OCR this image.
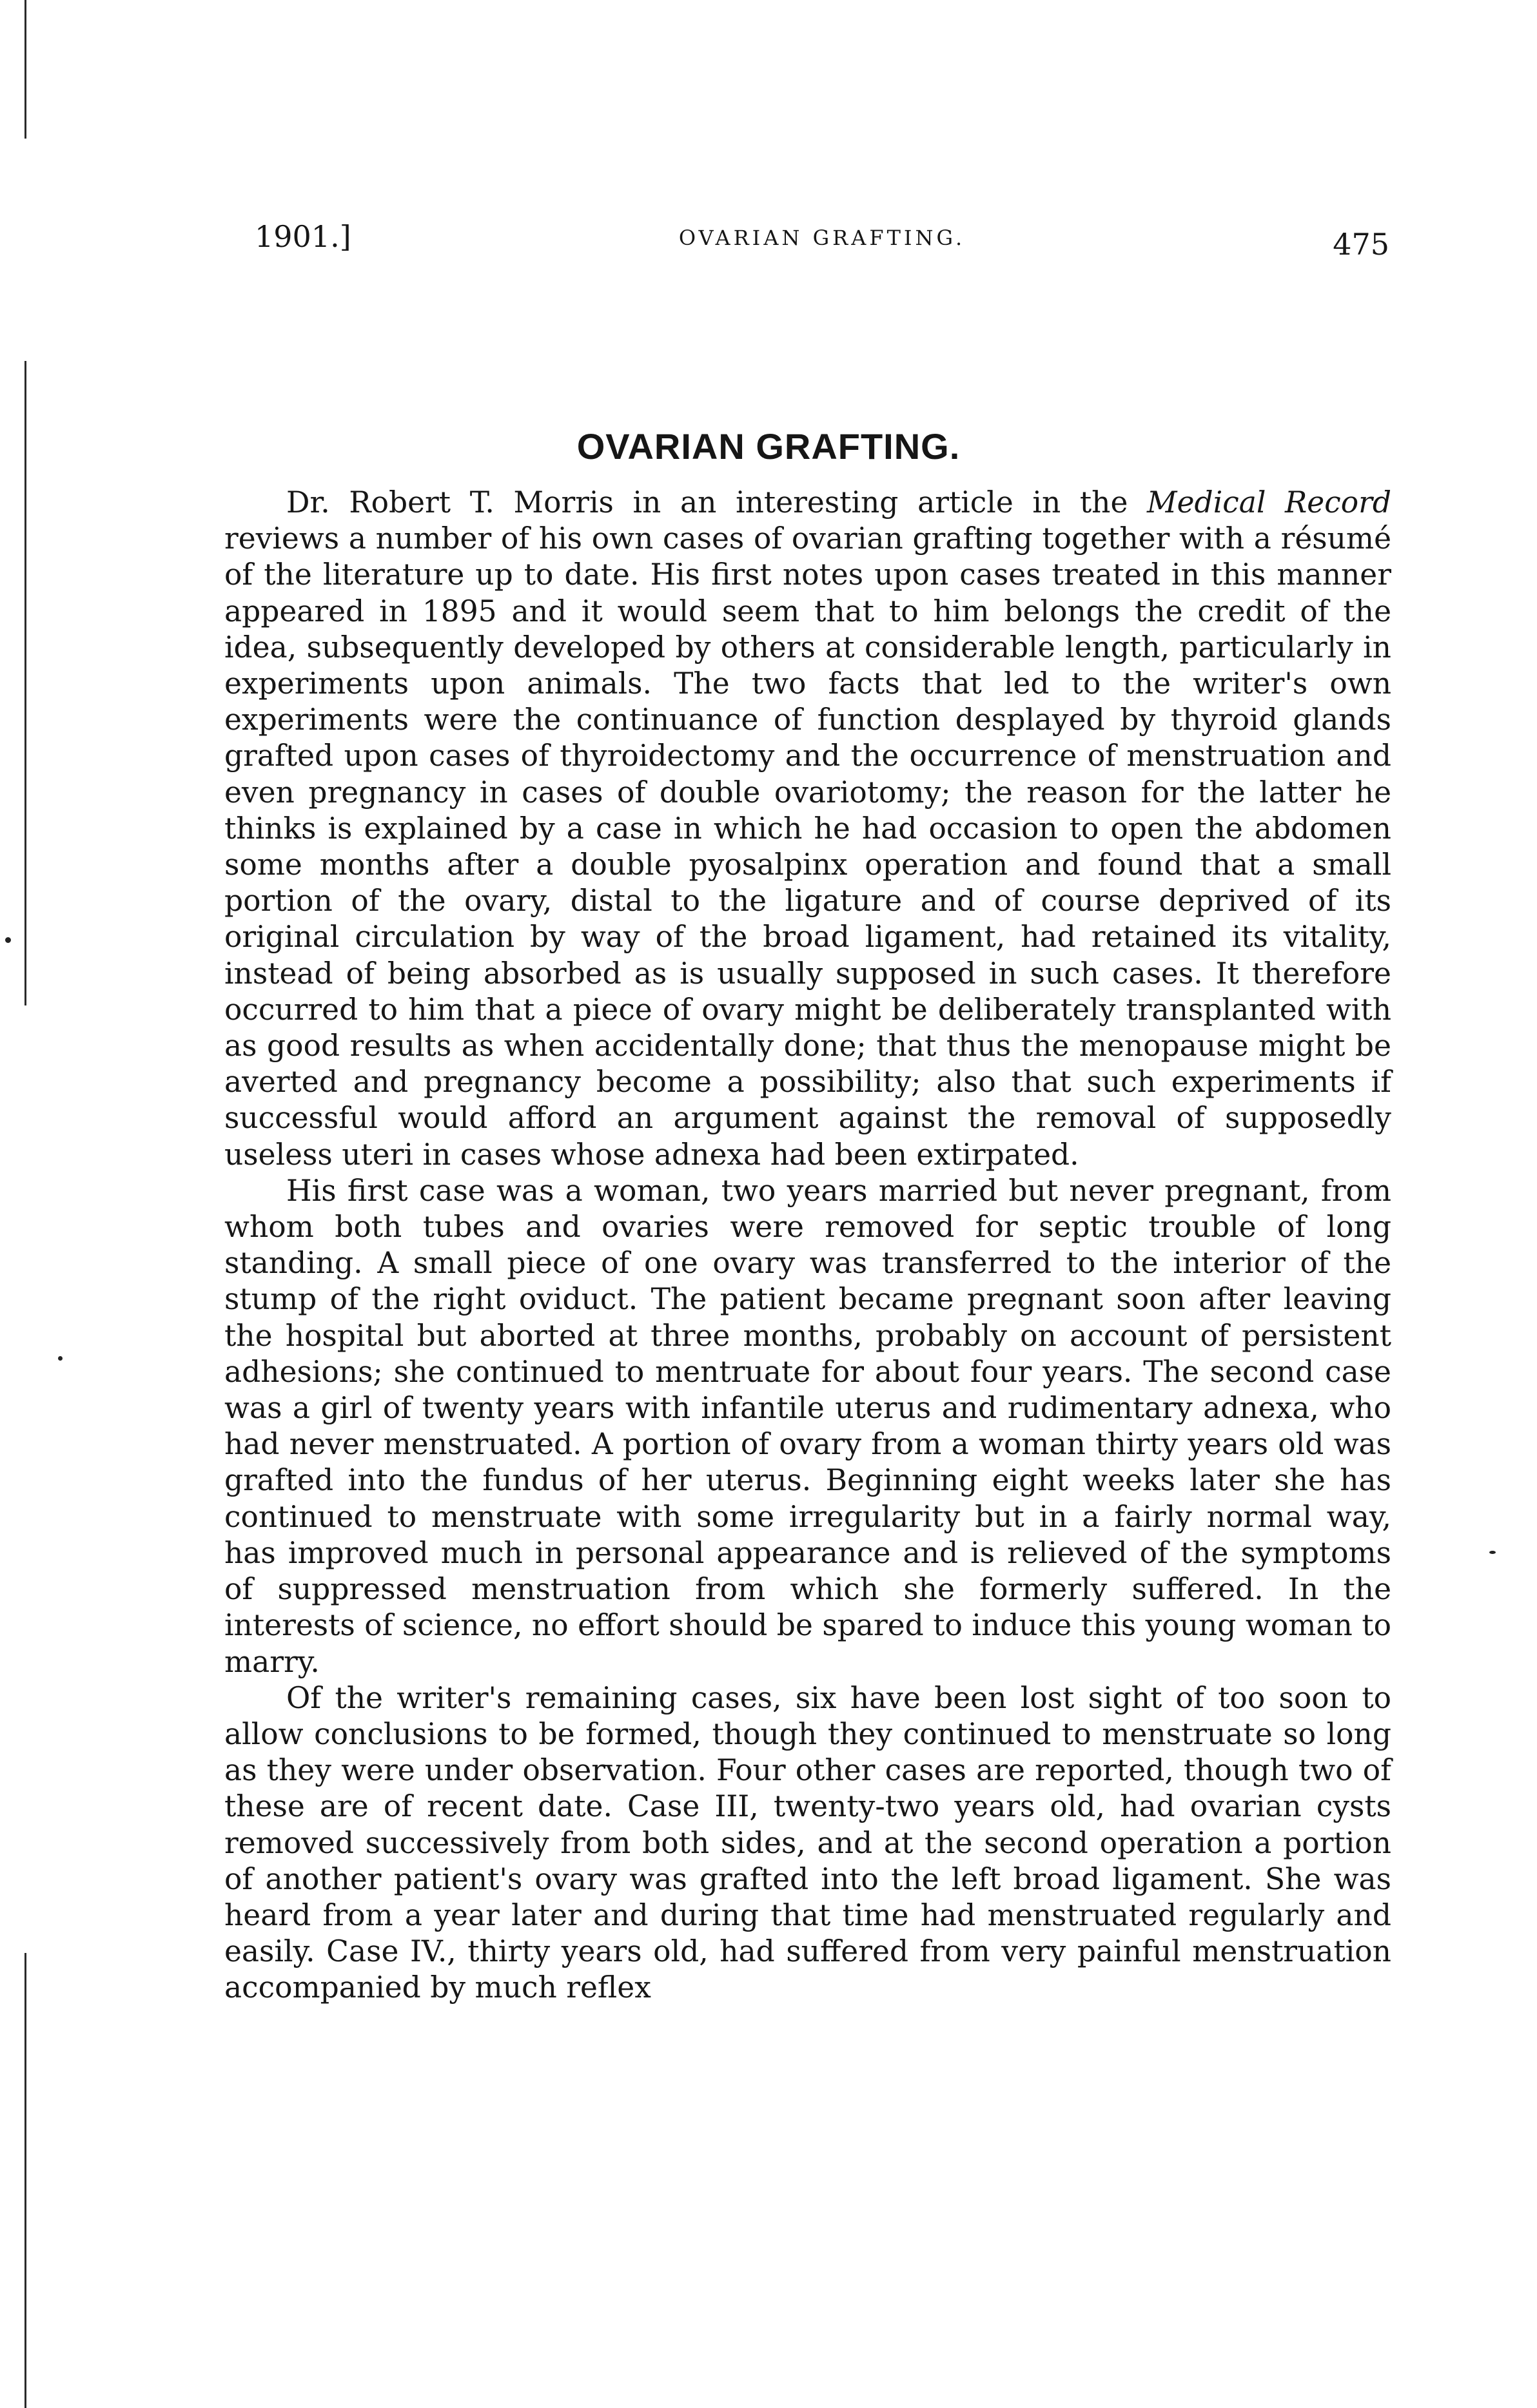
1901.]	OVARIAN GRAFTING.	475
OVARIAN GRAFTING.

Dr. Robert T. Morris in an interesting article in the Medical Record reviews a number of his own cases of ovarian grafting together with a résumé of the literature up to date. His first notes upon cases treated in this manner appeared in 1895 and it would seem that to him belongs the credit of the idea, subsequently developed by others at considerable length, particularly in experiments upon animals. The two facts that led to the writer's own experiments were the continuance of function desplayed by thyroid glands grafted upon cases of thyroidectomy and the occurrence of menstruation and even pregnancy in cases of double ovariotomy; the reason for the latter he thinks is explained by a case in which he had occasion to open the abdomen some months after a double pyosalpinx operation and found that a small portion of the ovary, distal to the ligature and of course deprived of its original circulation by way of the broad ligament, had retained its vitality, instead of being absorbed as is usually supposed in such cases. It therefore occurred to him that a piece of ovary might be deliberately transplanted with as good results as when accidentally done; that thus the menopause might be averted and pregnancy become a possibility; also that such experiments if successful would afford an argument against the removal of supposedly useless uteri in cases whose adnexa had been extirpated.

His first case was a woman, two years married but never pregnant, from whom both tubes and ovaries were removed for septic trouble of long standing. A small piece of one ovary was transferred to the interior of the stump of the right oviduct. The patient became pregnant soon after leaving the hospital but aborted at three months, probably on account of persistent adhesions; she continued to mentruate for about four years. The second case was a girl of twenty years with infantile uterus and rudimentary adnexa, who had never menstruated. A portion of ovary from a woman thirty years old was grafted into the fundus of her uterus. Beginning eight weeks later she has continued to menstruate with some irregularity but in a fairly normal way, has improved much in personal appearance and is relieved of the symptoms of suppressed menstruation from which she formerly suffered. In the interests of science, no effort should be spared to induce this young woman to marry.

Of the writer's remaining cases, six have been lost sight of too soon to allow conclusions to be formed, though they continued to menstruate so long as they were under observation. Four other cases are reported, though two of these are of recent date. Case III, twenty-two years old, had ovarian cysts removed successively from both sides, and at the second operation a portion of another patient's ovary was grafted into the left broad ligament. She was heard from a year later and during that time had menstruated regularly and easily. Case IV., thirty years old, had suffered from very painful menstruation accompanied by much reflex
